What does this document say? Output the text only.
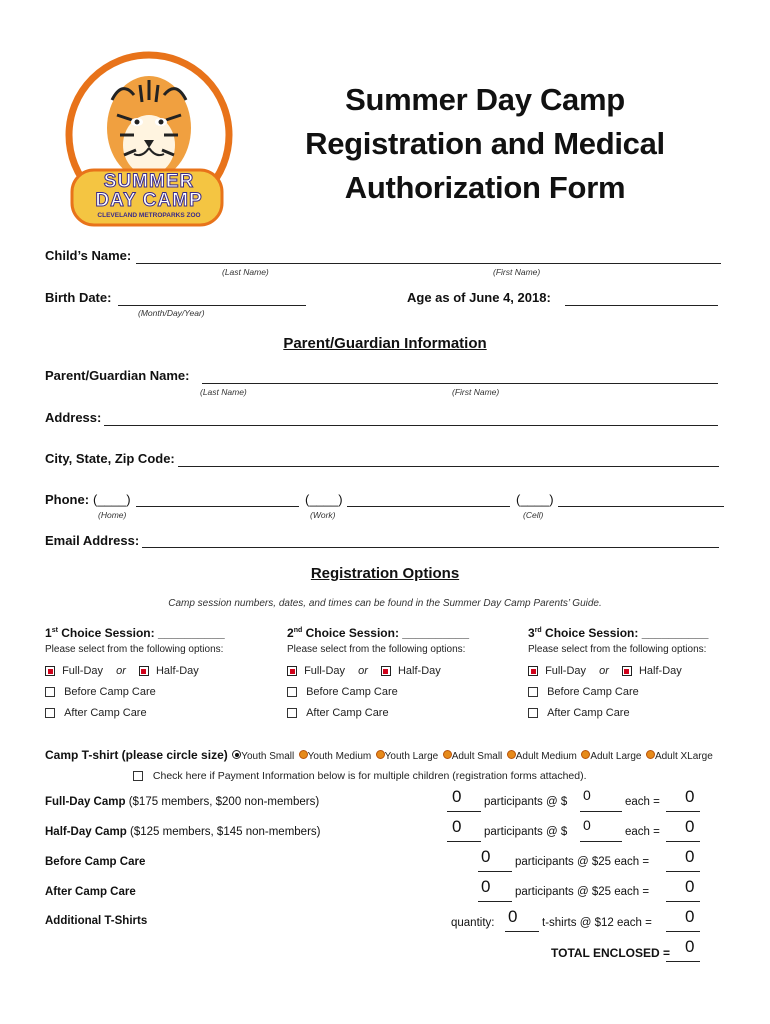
SUMMER
DAY CAMP
CLEVELAND METROPARKS ZOO
Summer Day Camp
Registration and Medical
Authorization Form
Child’s Name:
(Last Name)	(First Name)
Birth Date:
(Month/Day/Year)
Age as of June 4, 2018:
Parent/Guardian Information
Parent/Guardian Name:
(Last Name)	(First Name)
Address:
City, State, Zip Code:
Phone: (____)	(____)	(____)
(Home)	(Work)	(Cell)
Email Address:
Registration Options
Camp session numbers, dates, and times can be found in the Summer Day Camp Parents’ Guide.
1st Choice Session: __________
Please select from the following options:
Full-Day or	Half-Day
Before Camp Care
After Camp Care
2nd Choice Session: __________
Please select from the following options:
Full-Day or	Half-Day
Before Camp Care
After Camp Care
3rd Choice Session: __________
Please select from the following options:
Full-Day or	Half-Day
Before Camp Care
After Camp Care
Camp T-shirt (please circle size) Youth Small Youth Medium Youth Large Adult Small Adult Medium Adult Large Adult XLarge
Check here if Payment Information below is for multiple children (registration forms attached).
Full-Day Camp ($175 members, $200 non-members)	0 participants @ $ 0	each = 0
Half-Day Camp ($125 members, $145 non-members)	0 participants @ $ 0	each = 0
Before Camp Care	0 participants @ $25 each = 0
After Camp Care	0 participants @ $25 each = 0
Additional T-Shirts	quantity: 0 t-shirts @ $12 each = 0
TOTAL ENCLOSED = 0
